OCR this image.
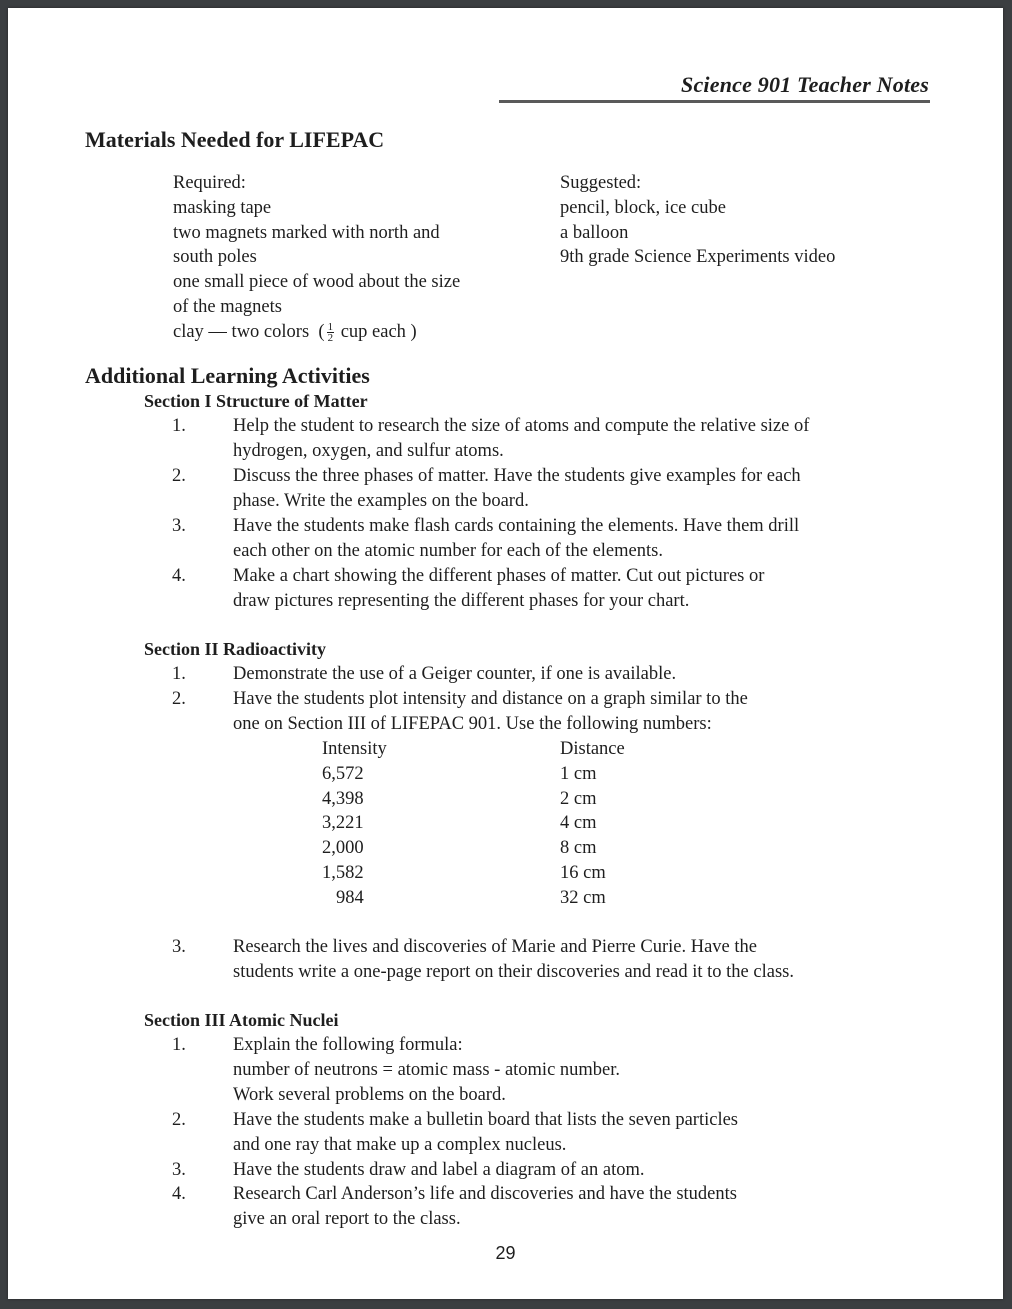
Science 901 Teacher Notes
Materials Needed for LIFEPAC
Required:
masking tape
two magnets marked with north and
south poles
one small piece of wood about the size
of the magnets
clay — two colors  ( $\frac{1}{2}$ cup each )
Suggested:
pencil, block, ice cube
a balloon
9th grade Science Experiments video
Additional Learning Activities
Section I Structure of Matter
1.	Help the student to research the size of atoms and compute the relative size of
hydrogen, oxygen, and sulfur atoms.
2.	Discuss the three phases of matter. Have the students give examples for each
phase. Write the examples on the board.
3.	Have the students make flash cards containing the elements. Have them drill
each other on the atomic number for each of the elements.
4.	Make a chart showing the different phases of matter. Cut out pictures or
draw pictures representing the different phases for your chart.
Section II Radioactivity
1.	Demonstrate the use of a Geiger counter, if one is available.
2.	Have the students plot intensity and distance on a graph similar to the
one on Section III of LIFEPAC 901. Use the following numbers:
Intensity	Distance
6,572	1 cm
4,398	2 cm
3,221	4 cm
2,000	8 cm
1,582	16 cm
984	32 cm
3.	Research the lives and discoveries of Marie and Pierre Curie. Have the
students write a one-page report on their discoveries and read it to the class.
Section III Atomic Nuclei
1.	Explain the following formula:
number of neutrons = atomic mass - atomic number.
Work several problems on the board.
2.	Have the students make a bulletin board that lists the seven particles
and one ray that make up a complex nucleus.
3.	Have the students draw and label a diagram of an atom.
4.	Research Carl Anderson’s life and discoveries and have the students
give an oral report to the class.
29
